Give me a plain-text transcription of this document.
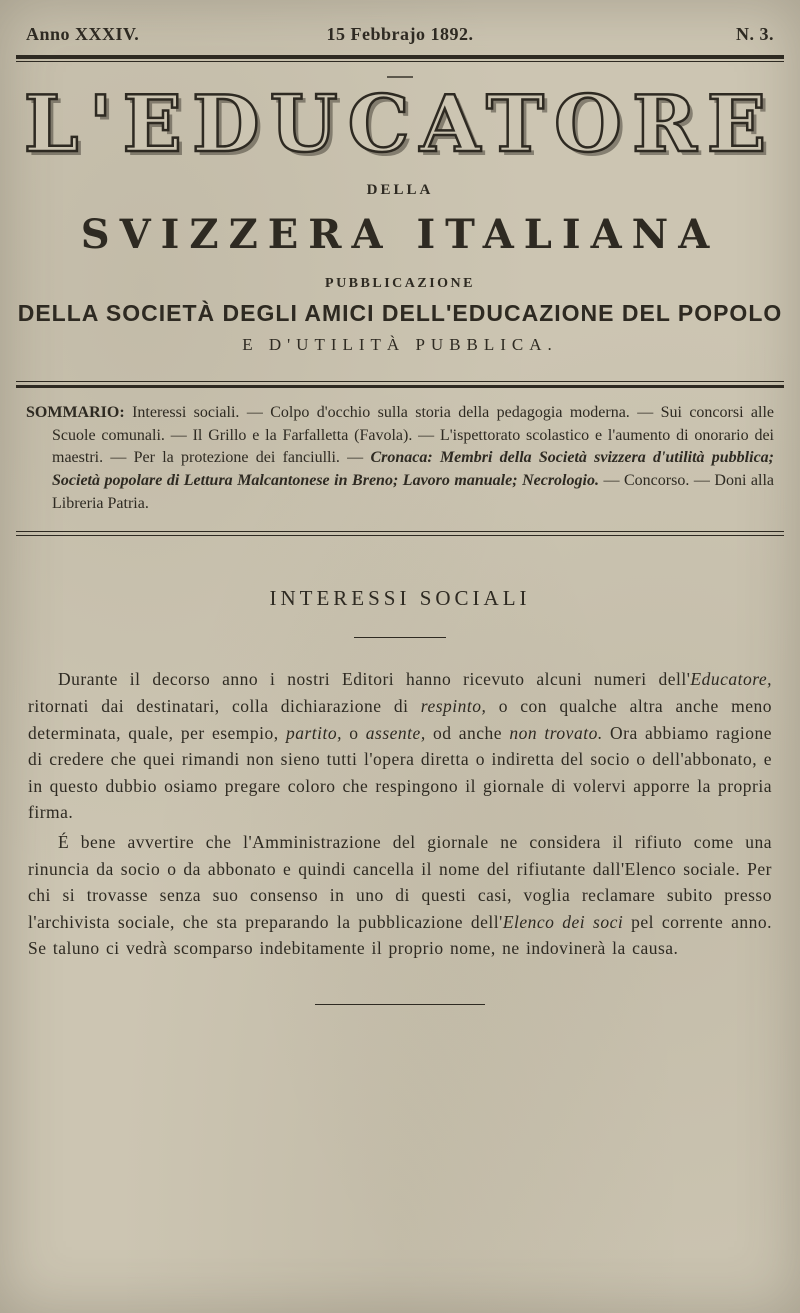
Anno XXXIV.	15 Febbrajo 1892.	N. 3.
L'EDUCATORE
DELLA
SVIZZERA ITALIANA
PUBBLICAZIONE
DELLA SOCIETÀ DEGLI AMICI DELL'EDUCAZIONE DEL POPOLO
E D'UTILITÀ PUBBLICA.

SOMMARIO: Interessi sociali. — Colpo d'occhio sulla storia della pedagogia moderna. — Sui concorsi alle Scuole comunali. — Il Grillo e la Farfalletta (Favola). — L'ispettorato scolastico e l'aumento di onorario dei maestri. — Per la protezione dei fanciulli. — Cronaca: Membri della Società svizzera d'utilità pubblica; Società popolare di Lettura Malcantonese in Breno; Lavoro manuale; Necrologio. — Concorso. — Doni alla Libreria Patria.

INTERESSI SOCIALI

Durante il decorso anno i nostri Editori hanno ricevuto alcuni numeri dell'Educatore, ritornati dai destinatari, colla dichiarazione di respinto, o con qualche altra anche meno determinata, quale, per esempio, partito, o assente, od anche non trovato. Ora abbiamo ragione di credere che quei rimandi non sieno tutti l'opera diretta o indiretta del socio o dell'abbonato, e in questo dubbio osiamo pregare coloro che respingono il giornale di volervi apporre la propria firma.

É bene avvertire che l'Amministrazione del giornale ne considera il rifiuto come una rinuncia da socio o da abbonato e quindi cancella il nome del rifiutante dall'Elenco sociale. Per chi si trovasse senza suo consenso in uno di questi casi, voglia reclamare subito presso l'archivista sociale, che sta preparando la pubblicazione dell'Elenco dei soci pel corrente anno. Se taluno ci vedrà scomparso indebitamente il proprio nome, ne indovinerà la causa.
